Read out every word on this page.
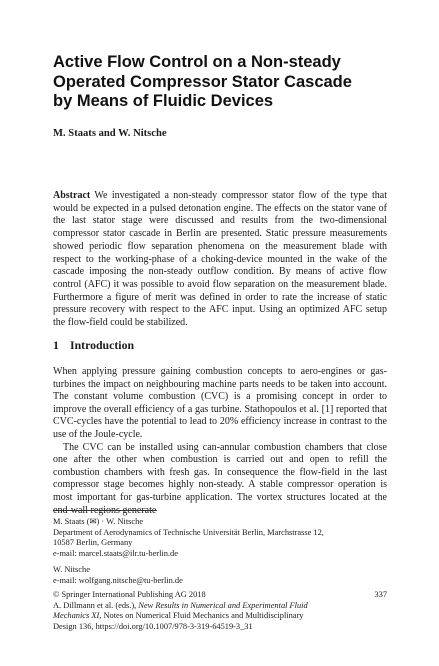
Active Flow Control on a Non-steady
Operated Compressor Stator Cascade
by Means of Fluidic Devices
M. Staats and W. Nitsche
Abstract We investigated a non-steady compressor stator flow of the type that would be expected in a pulsed detonation engine. The effects on the stator vane of the last stator stage were discussed and results from the two-dimensional compressor stator cascade in Berlin are presented. Static pressure measurements showed periodic flow separation phenomena on the measurement blade with respect to the working-phase of a choking-device mounted in the wake of the cascade imposing the non-steady outflow condition. By means of active flow control (AFC) it was possible to avoid flow separation on the measurement blade. Furthermore a figure of merit was defined in order to rate the increase of static pressure recovery with respect to the AFC input. Using an optimized AFC setup the flow-field could be stabilized.
1 Introduction

When applying pressure gaining combustion concepts to aero-engines or gas-turbines the impact on neighbouring machine parts needs to be taken into account. The constant volume combustion (CVC) is a promising concept in order to improve the overall efficiency of a gas turbine. Stathopoulos et al. [1] reported that CVC-cycles have the potential to lead to 20% efficiency increase in contrast to the use of the Joule-cycle.

The CVC can be installed using can-annular combustion chambers that close one after the other when combustion is carried out and open to refill the combustion chambers with fresh gas. In consequence the flow-field in the last compressor stage becomes highly non-steady. A stable compressor operation is most important for gas-turbine application. The vortex structures located at the end-wall regions generate

M. Staats (✉) · W. Nitsche
Department of Aerodynamics of Technische Universität Berlin, Marchstrasse 12,
10587 Berlin, Germany
e-mail: marcel.staats@ilr.tu-berlin.de
W. Nitsche
e-mail: wolfgang.nitsche@tu-berlin.de
© Springer International Publishing AG 2018	337
A. Dillmann et al. (eds.), New Results in Numerical and Experimental Fluid
Mechanics XI, Notes on Numerical Fluid Mechanics and Multidisciplinary
Design 136, https://doi.org/10.1007/978-3-319-64519-3_31
